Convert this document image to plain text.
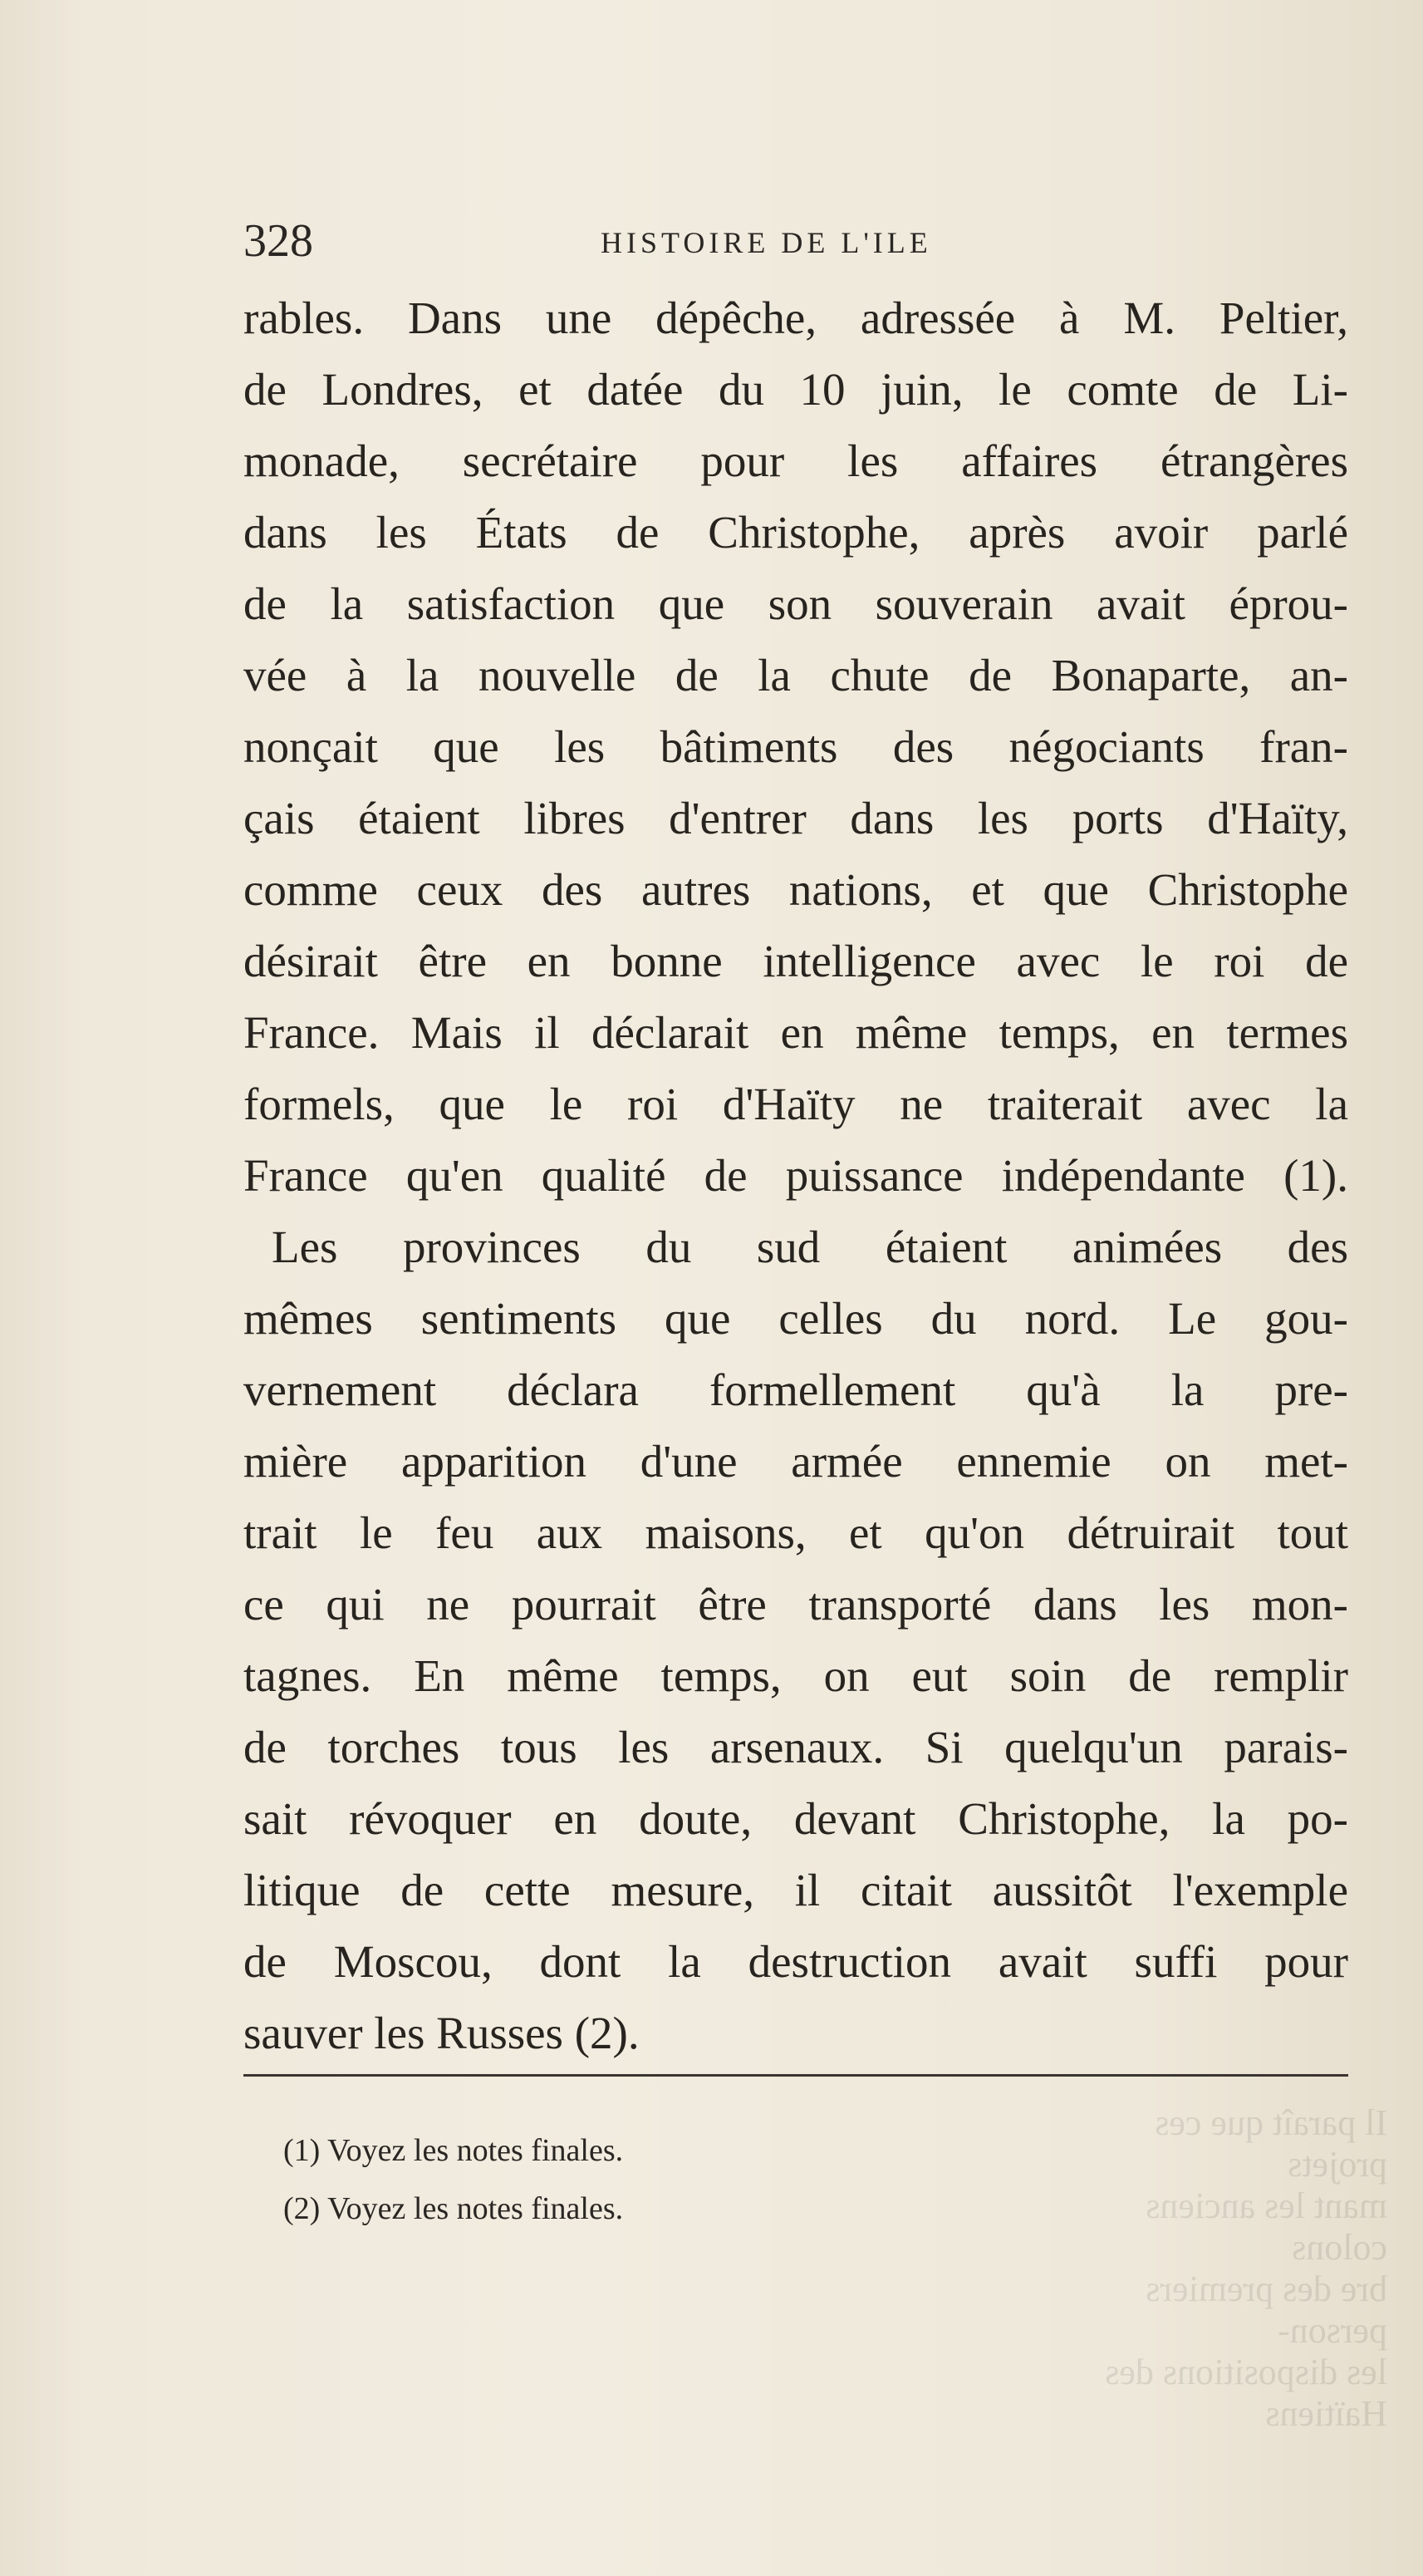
Il paraît que ces projets
mant les anciens colons
bre des premiers person-
les dispositions des Haïtiens
328	HISTOIRE DE L'ILE
rables. Dans une dépêche, adressée à M. Peltier,
de Londres, et datée du 10 juin, le comte de Li-
monade, secrétaire pour les affaires étrangères
dans les États de Christophe, après avoir parlé
de la satisfaction que son souverain avait éprou-
vée à la nouvelle de la chute de Bonaparte, an-
nonçait que les bâtiments des négociants fran-
çais étaient libres d'entrer dans les ports d'Haïty,
comme ceux des autres nations, et que Christophe
désirait être en bonne intelligence avec le roi de
France. Mais il déclarait en même temps, en termes
formels, que le roi d'Haïty ne traiterait avec la
France qu'en qualité de puissance indépendante (1).
Les provinces du sud étaient animées des
mêmes sentiments que celles du nord. Le gou-
vernement déclara formellement qu'à la pre-
mière apparition d'une armée ennemie on met-
trait le feu aux maisons, et qu'on détruirait tout
ce qui ne pourrait être transporté dans les mon-
tagnes. En même temps, on eut soin de remplir
de torches tous les arsenaux. Si quelqu'un parais-
sait révoquer en doute, devant Christophe, la po-
litique de cette mesure, il citait aussitôt l'exemple
de Moscou, dont la destruction avait suffi pour
sauver les Russes (2).
(1) Voyez les notes finales.
(2) Voyez les notes finales.
